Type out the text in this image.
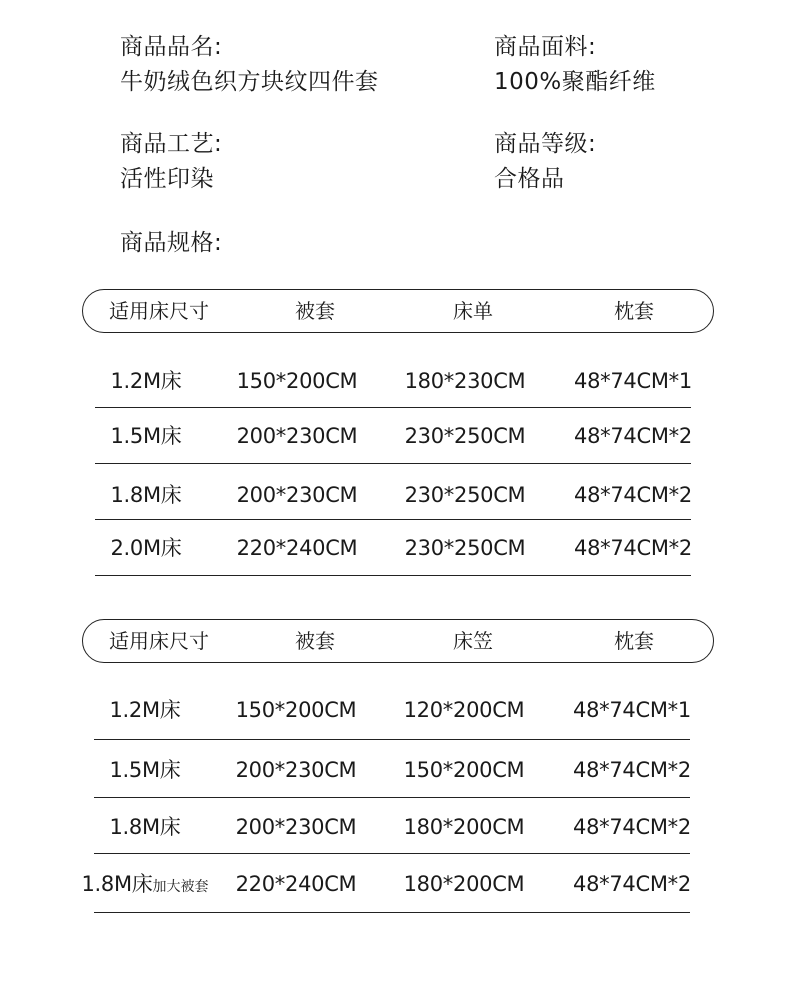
商品品名:
牛奶绒色织方块纹四件套
商品面料:
100%聚酯纤维
商品工艺:
活性印染
商品等级:
合格品
商品规格:
适用床尺寸	被套	床单	枕套
1.2M床	150*200CM 180*230CM 48*74CM*1
1.5M床	200*230CM 230*250CM 48*74CM*2
1.8M床	200*230CM 230*250CM 48*74CM*2
2.0M床	220*240CM 230*250CM 48*74CM*2
适用床尺寸	被套	床笠	枕套
1.2M床	150*200CM 120*200CM 48*74CM*1
1.5M床	200*230CM 150*200CM 48*74CM*2
1.8M床	200*230CM 180*200CM 48*74CM*2
1.8M床加大被套 220*240CM 180*200CM 48*74CM*2
